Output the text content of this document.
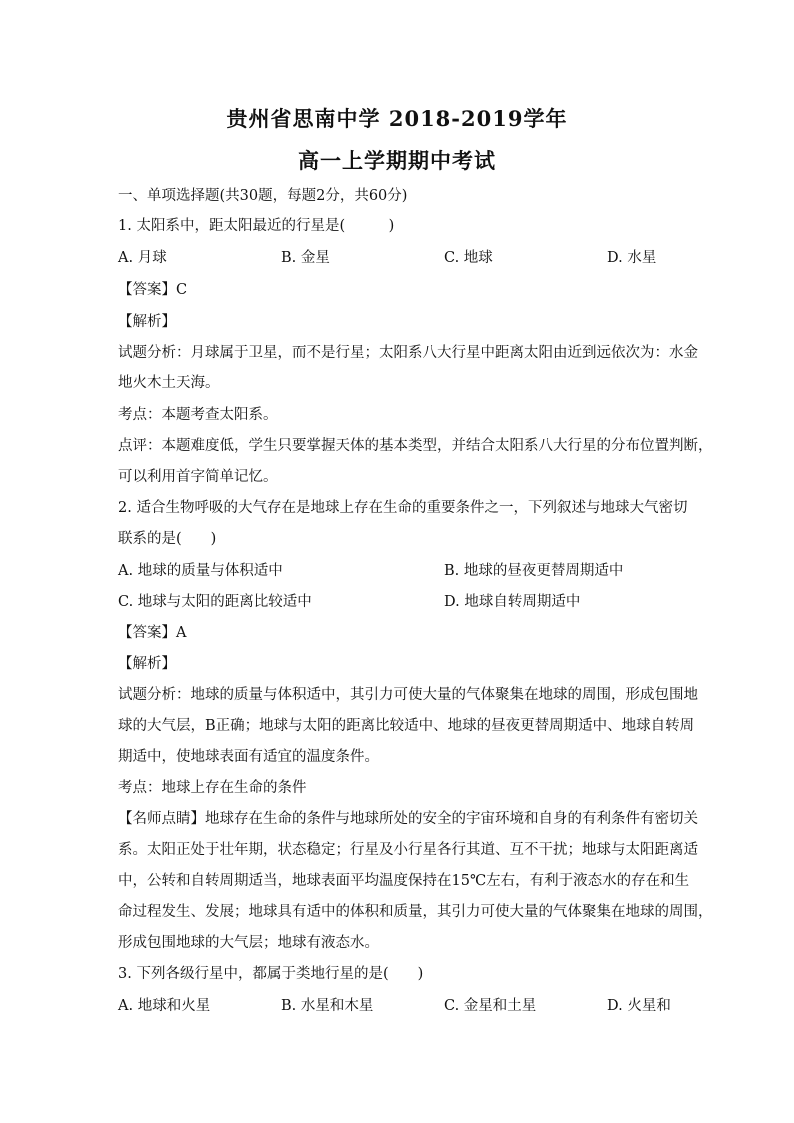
贵州省思南中学 2018-2019学年
高一上学期期中考试
一、单项选择题(共30题，每题2分，共60分)
1. 太阳系中，距太阳最近的行星是(　　　)
A. 月球	B. 金星	C. 地球	D. 水星
【答案】C
【解析】
试题分析：月球属于卫星，而不是行星；太阳系八大行星中距离太阳由近到远依次为：水金
地火木土天海。
考点：本题考查太阳系。
点评：本题难度低，学生只要掌握天体的基本类型，并结合太阳系八大行星的分布位置判断，
可以利用首字简单记忆。
2. 适合生物呼吸的大气存在是地球上存在生命的重要条件之一，下列叙述与地球大气密切
联系的是(　　)
A. 地球的质量与体积适中	B. 地球的昼夜更替周期适中
C. 地球与太阳的距离比较适中	D. 地球自转周期适中
【答案】A
【解析】
试题分析：地球的质量与体积适中，其引力可使大量的气体聚集在地球的周围，形成包围地
球的大气层，B正确；地球与太阳的距离比较适中、地球的昼夜更替周期适中、地球自转周
期适中，使地球表面有适宜的温度条件。
考点：地球上存在生命的条件
【名师点睛】地球存在生命的条件与地球所处的安全的宇宙环境和自身的有利条件有密切关
系。太阳正处于壮年期，状态稳定；行星及小行星各行其道、互不干扰；地球与太阳距离适
中，公转和自转周期适当，地球表面平均温度保持在15℃左右，有利于液态水的存在和生
命过程发生、发展；地球具有适中的体积和质量，其引力可使大量的气体聚集在地球的周围，
形成包围地球的大气层；地球有液态水。
3. 下列各级行星中，都属于类地行星的是(　　)
A. 地球和火星	B. 水星和木星	C. 金星和土星	D. 火星和
